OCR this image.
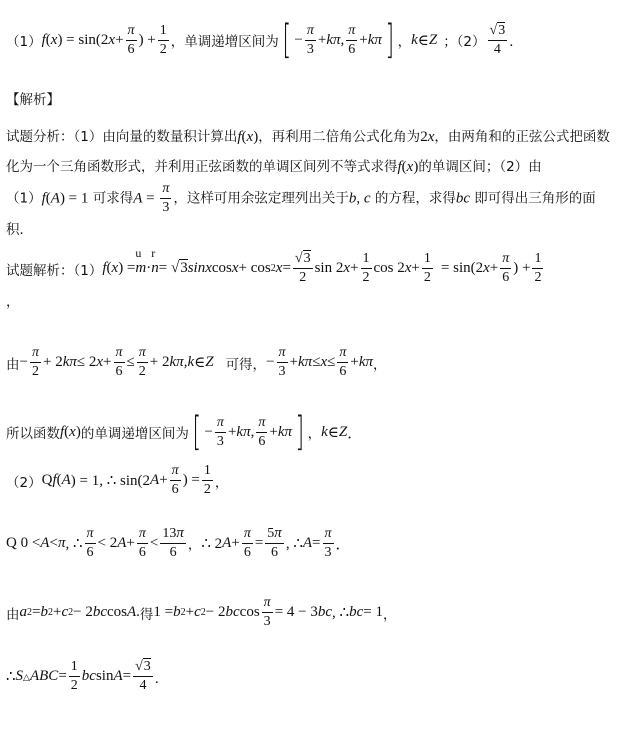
（1） f ( x ) = sin(2 $x + \frac{\pi}{6}$ ) + $\frac{1}{2}$ ，单调递增区间为 [ − $\frac{\pi}{3} + k\pi$ , $\frac{\pi}{6} + k\pi$ ] ， k ∈ Z ；$(2) \frac{√3}{4}$ ．
【解析】
试题分析：（1）由向量的数量积计算出f(x)，再利用二倍角公式化角为2x，由两角和的正弦公式把函数化为一个三角函数形式，并利用正弦函数的单调区间列不等式求得f(x)的单调区间；（2）由
（1）f(A) = 1 可求得$A = \frac{\pi}{3}$ ，这样可用余弦定理列出关于b, c 的方程，求得bc 即可得出三角形的面积．
试题解析：（1） f ( x ) =
u
m ·
r
n = √3 sinx cos x + cos 2 $x = \frac{√3}{2}$ sin 2 $x + \frac{1}{2}$ cos 2 $x + \frac{1}{2} = \sin(2$ $x + \frac{\pi}{6}$ ) + $\frac{1}{2}$
，
由 − $\frac{\pi}{2} + 2$ kπ ≤ 2 $x + \frac{\pi}{6} \le \frac{\pi}{2} + 2$ kπ , k ∈ Z 可得， − $\frac{\pi}{3} + k\pi \le x \le \frac{\pi}{6} + k\pi$ ，
所以函数 f ( x ) 的单调递增区间为 [ − $\frac{\pi}{3} + k\pi$ , $\frac{\pi}{6} + k\pi$ ] ， k ∈ Z ．
（2） Q f ( A ) = 1, ∴ sin(2 $A + \frac{\pi}{6}$ ) = $\frac{1}{2}$ ，
Q 0 < A < π , ∴ $\frac{\pi}{6} < 2$ $A + \frac{\pi}{6} < \frac{13\pi}{6}$ ， ∴ 2 $A + \frac{\pi}{6} = \frac{5\pi}{6}$ , ∴ $A = \frac{\pi}{3}$ ．
由 a 2 = b 2 + c 2 − 2 bc cos A . 得 1 = b 2 + c 2 − 2 bc $\cos \frac{\pi}{3} = 4 - 3$ bc , ∴ bc = 1 ，
∴ S △ABC = $\frac{1}{2}$ bc $\sin A = \frac{√3}{4}$ ．
